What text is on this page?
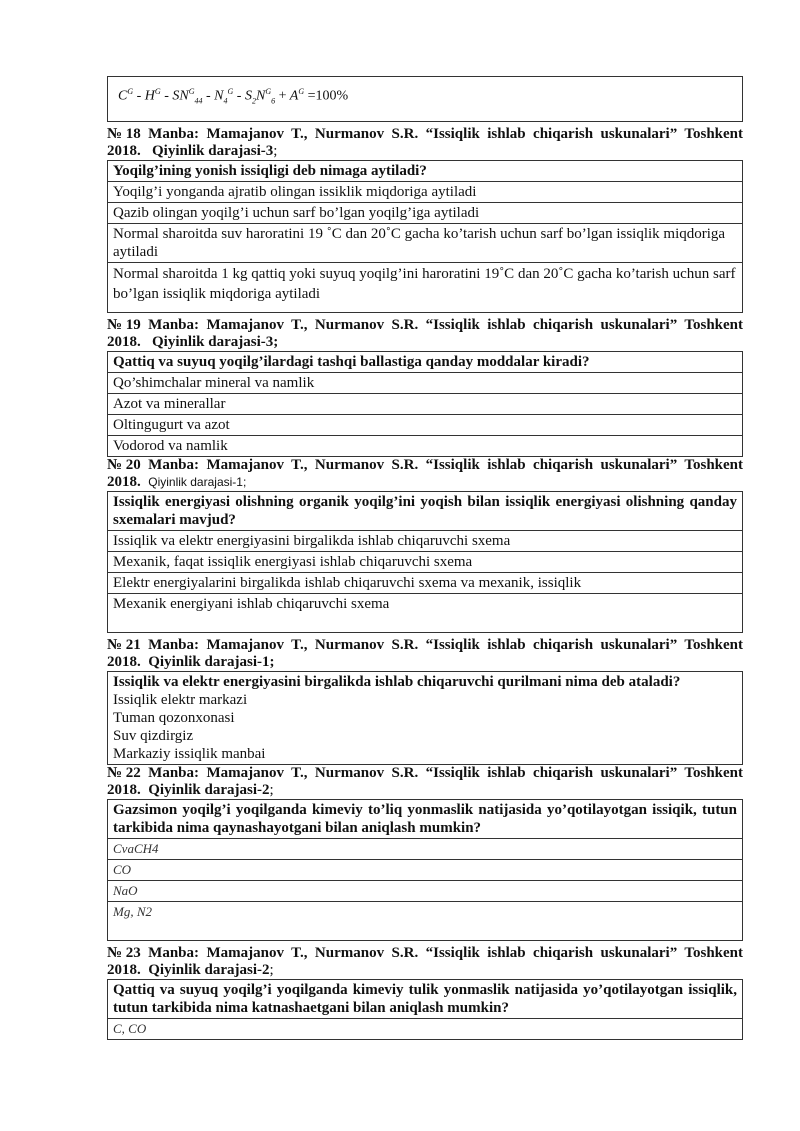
$C^G - H^G - SN^G_{44} - N_4^G - S_2N^G_6 + A^G =100\%$
№18 Manba: Mamajanov T., Nurmanov S.R. “Issiqlik ishlab chiqarish uskunalari” Toshkent 2018. Qiyinlik darajasi-3;
Yoqilg’ining yonish issiqligi deb nimaga aytiladi?
Yoqilg’i yonganda ajratib olingan issiklik miqdoriga aytiladi
Qazib olingan yoqilg’i uchun sarf bo’lgan yoqilg’iga aytiladi
Normal sharoitda suv haroratini 19 ˚C dan 20˚C gacha ko’tarish uchun sarf bo’lgan issiqlik miqdoriga aytiladi
Normal sharoitda 1 kg qattiq yoki suyuq yoqilg’ini haroratini 19˚C dan 20˚C gacha ko’tarish uchun sarf bo’lgan issiqlik miqdoriga aytiladi
№19 Manba: Mamajanov T., Nurmanov S.R. “Issiqlik ishlab chiqarish uskunalari” Toshkent 2018. Qiyinlik darajasi-3;
Qattiq va suyuq yoqilg’ilardagi tashqi ballastiga qanday moddalar kiradi?
Qo’shimchalar mineral va namlik
Azot va minerallar
Oltingugurt va azot
Vodorod va namlik
№20 Manba: Mamajanov T., Nurmanov S.R. “Issiqlik ishlab chiqarish uskunalari” Toshkent 2018. Qiyinlik darajasi-1;
Issiqlik energiyasi olishning organik yoqilg’ini yoqish bilan issiqlik energiyasi olishning qanday sxemalari mavjud?
Issiqlik va elektr energiyasini birgalikda ishlab chiqaruvchi sxema
Mexanik, faqat issiqlik energiyasi ishlab chiqaruvchi sxema
Elektr energiyalarini birgalikda ishlab chiqaruvchi sxema va mexanik, issiqlik
Mexanik energiyani ishlab chiqaruvchi sxema
№21 Manba: Mamajanov T., Nurmanov S.R. “Issiqlik ishlab chiqarish uskunalari” Toshkent 2018. Qiyinlik darajasi-1;
Issiqlik va elektr energiyasini birgalikda ishlab chiqaruvchi qurilmani nima deb ataladi?
Issiqlik elektr markazi
Tuman qozonxonasi
Suv qizdirgiz
Markaziy issiqlik manbai
№22 Manba: Mamajanov T., Nurmanov S.R. “Issiqlik ishlab chiqarish uskunalari” Toshkent 2018. Qiyinlik darajasi-2;
Gazsimon yoqilg’i yoqilganda kimeviy to’liq yonmaslik natijasida yo’qotilayotgan issiqik, tutun tarkibida nima qaynashayotgani bilan aniqlash mumkin?
CvaCH4
CO
NaO
Mg, N2
№23 Manba: Mamajanov T., Nurmanov S.R. “Issiqlik ishlab chiqarish uskunalari” Toshkent 2018. Qiyinlik darajasi-2;
Qattiq va suyuq yoqilg’i yoqilganda kimeviy tulik yonmaslik natijasida yo’qotilayotgan issiqlik, tutun tarkibida nima katnashaetgani bilan aniqlash mumkin?
C, CO
